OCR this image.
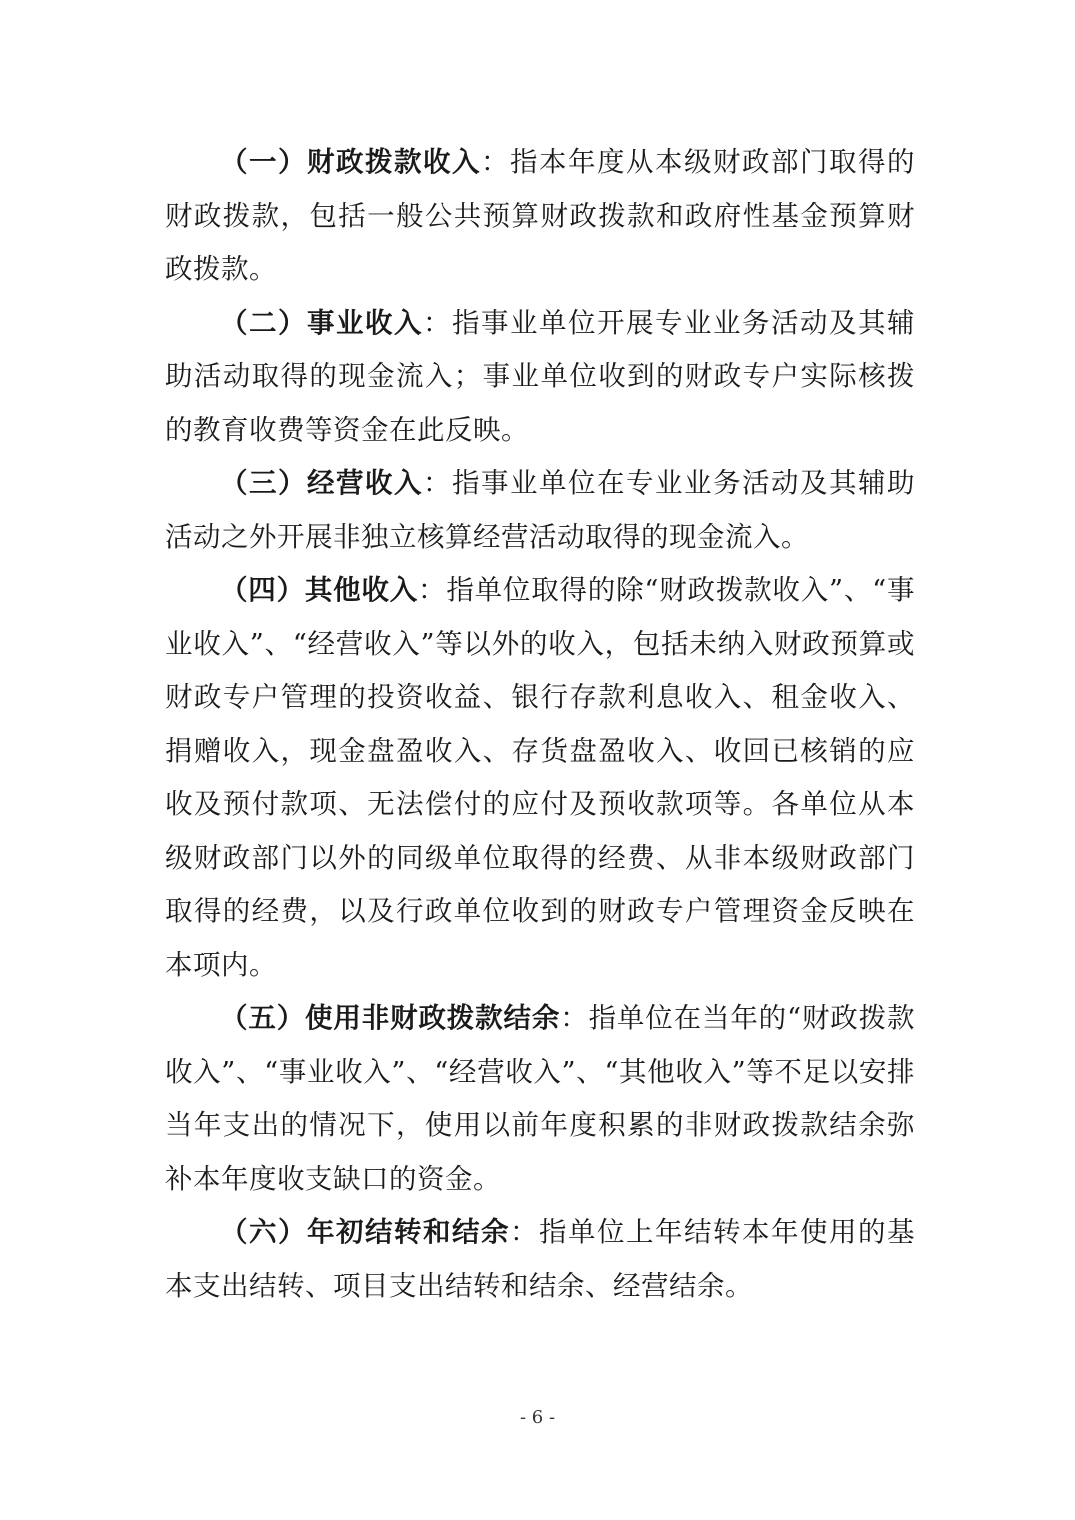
（一）财政拨款收入：指本年度从本级财政部门取得的财政拨款，包括一般公共预算财政拨款和政府性基金预算财政拨款。

（二）事业收入：指事业单位开展专业业务活动及其辅助活动取得的现金流入；事业单位收到的财政专户实际核拨的教育收费等资金在此反映。

（三）经营收入：指事业单位在专业业务活动及其辅助活动之外开展非独立核算经营活动取得的现金流入。

（四）其他收入：指单位取得的除“财政拨款收入”、“事业收入”、“经营收入”等以外的收入，包括未纳入财政预算或财政专户管理的投资收益、银行存款利息收入、租金收入、捐赠收入，现金盘盈收入、存货盘盈收入、收回已核销的应收及预付款项、无法偿付的应付及预收款项等。各单位从本级财政部门以外的同级单位取得的经费、从非本级财政部门取得的经费，以及行政单位收到的财政专户管理资金反映在本项内。

（五）使用非财政拨款结余：指单位在当年的“财政拨款收入”、“事业收入”、“经营收入”、“其他收入”等不足以安排当年支出的情况下，使用以前年度积累的非财政拨款结余弥补本年度收支缺口的资金。

（六）年初结转和结余：指单位上年结转本年使用的基本支出结转、项目支出结转和结余、经营结余。

- 6 -
